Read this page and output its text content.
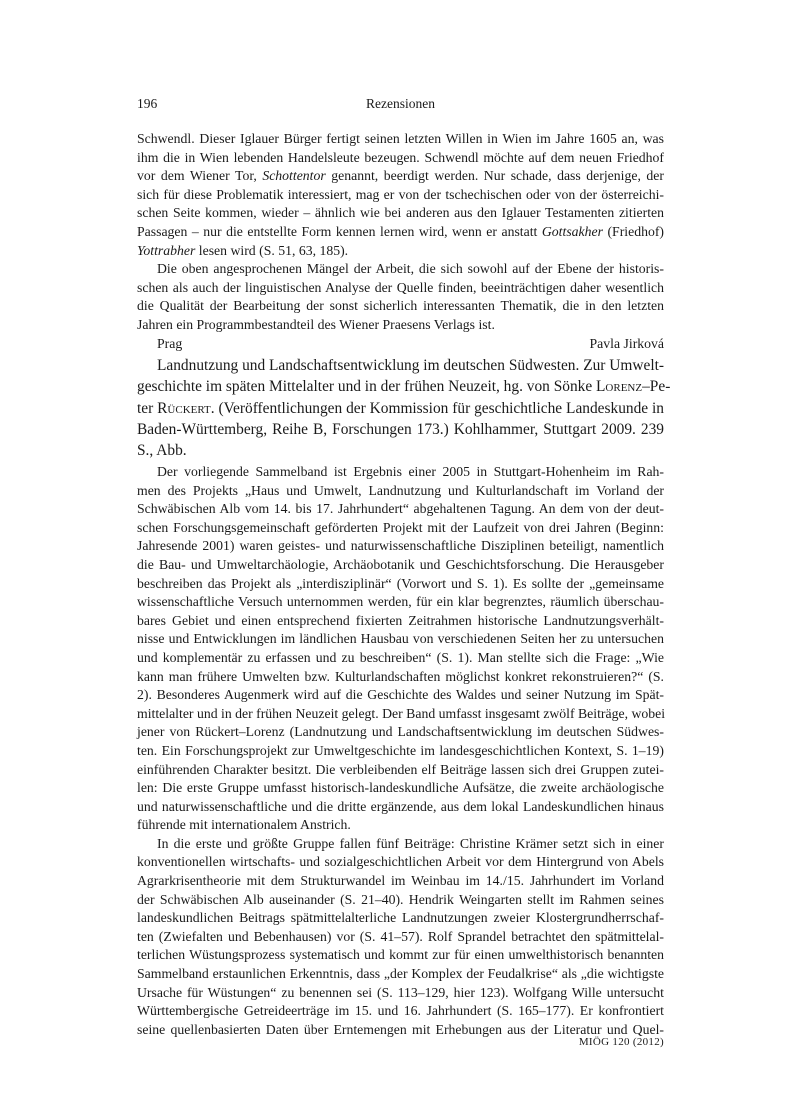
196	Rezensionen
Schwendl. Dieser Iglauer Bürger fertigt seinen letzten Willen in Wien im Jahre 1605 an, was
ihm die in Wien lebenden Handelsleute bezeugen. Schwendl möchte auf dem neuen Friedhof
vor dem Wiener Tor, Schottentor genannt, beerdigt werden. Nur schade, dass derjenige, der
sich für diese Problematik interessiert, mag er von der tschechischen oder von der österreichi-
schen Seite kommen, wieder – ähnlich wie bei anderen aus den Iglauer Testamenten zitierten
Passagen – nur die entstellte Form kennen lernen wird, wenn er anstatt Gottsakher (Friedhof)
Yottrabher lesen wird (S. 51, 63, 185).
Die oben angesprochenen Mängel der Arbeit, die sich sowohl auf der Ebene der historis-
schen als auch der linguistischen Analyse der Quelle finden, beeinträchtigen daher wesentlich
die Qualität der Bearbeitung der sonst sicherlich interessanten Thematik, die in den letzten
Jahren ein Programmbestandteil des Wiener Praesens Verlags ist.
Prag	Pavla Jirková
Landnutzung und Landschaftsentwicklung im deutschen Südwesten. Zur Umwelt-
geschichte im späten Mittelalter und in der frühen Neuzeit, hg. von Sönke Lorenz–Pe-
ter Rückert. (Veröffentlichungen der Kommission für geschichtliche Landeskunde in
Baden-Württemberg, Reihe B, Forschungen 173.) Kohlhammer, Stuttgart 2009. 239
S., Abb.
Der vorliegende Sammelband ist Ergebnis einer 2005 in Stuttgart-Hohenheim im Rah-
men des Projekts „Haus und Umwelt, Landnutzung und Kulturlandschaft im Vorland der
Schwäbischen Alb vom 14. bis 17. Jahrhundert“ abgehaltenen Tagung. An dem von der deut-
schen Forschungsgemeinschaft geförderten Projekt mit der Laufzeit von drei Jahren (Beginn:
Jahresende 2001) waren geistes- und naturwissenschaftliche Disziplinen beteiligt, namentlich
die Bau- und Umweltarchäologie, Archäobotanik und Geschichtsforschung. Die Herausgeber
beschreiben das Projekt als „interdisziplinär“ (Vorwort und S. 1). Es sollte der „gemeinsame
wissenschaftliche Versuch unternommen werden, für ein klar begrenztes, räumlich überschau-
bares Gebiet und einen entsprechend fixierten Zeitrahmen historische Landnutzungsverhält-
nisse und Entwicklungen im ländlichen Hausbau von verschiedenen Seiten her zu untersuchen
und komplementär zu erfassen und zu beschreiben“ (S. 1). Man stellte sich die Frage: „Wie
kann man frühere Umwelten bzw. Kulturlandschaften möglichst konkret rekonstruieren?“ (S.
2). Besonderes Augenmerk wird auf die Geschichte des Waldes und seiner Nutzung im Spät-
mittelalter und in der frühen Neuzeit gelegt. Der Band umfasst insgesamt zwölf Beiträge, wobei
jener von Rückert–Lorenz (Landnutzung und Landschaftsentwicklung im deutschen Südwes-
ten. Ein Forschungsprojekt zur Umweltgeschichte im landesgeschichtlichen Kontext, S. 1–19)
einführenden Charakter besitzt. Die verbleibenden elf Beiträge lassen sich drei Gruppen zutei-
len: Die erste Gruppe umfasst historisch-landeskundliche Aufsätze, die zweite archäologische
und naturwissenschaftliche und die dritte ergänzende, aus dem lokal Landeskundlichen hinaus
führende mit internationalem Anstrich.
In die erste und größte Gruppe fallen fünf Beiträge: Christine Krämer setzt sich in einer
konventionellen wirtschafts- und sozialgeschichtlichen Arbeit vor dem Hintergrund von Abels
Agrarkrisentheorie mit dem Strukturwandel im Weinbau im 14./15. Jahrhundert im Vorland
der Schwäbischen Alb auseinander (S. 21–40). Hendrik Weingarten stellt im Rahmen seines
landeskundlichen Beitrags spätmittelalterliche Landnutzungen zweier Klostergrundherrschaf-
ten (Zwiefalten und Bebenhausen) vor (S. 41–57). Rolf Sprandel betrachtet den spätmittelal-
terlichen Wüstungsprozess systematisch und kommt zur für einen umwelthistorisch benannten
Sammelband erstaunlichen Erkenntnis, dass „der Komplex der Feudalkrise“ als „die wichtigste
Ursache für Wüstungen“ zu benennen sei (S. 113–129, hier 123). Wolfgang Wille untersucht
Württembergische Getreideerträge im 15. und 16. Jahrhundert (S. 165–177). Er konfrontiert
seine quellenbasierten Daten über Erntemengen mit Erhebungen aus der Literatur und Quel-
MIÖG 120 (2012)
